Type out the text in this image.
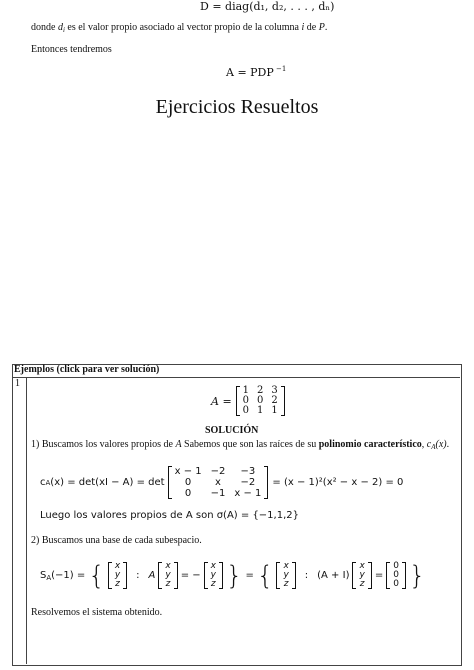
D = diag(d₁, d₂, . . . , dₙ)
donde $d_i$ es el valor propio asociado al vector propio de la columna i de P.
Entonces tendremos
A = PDP $^{-1}$
Ejercicios Resueltos
Ejemplos (click para ver solución)
1
A =
1 2 3
0 0 2
0 1 1
SOLUCIÓN
1) Buscamos los valores propios de A Sabemos que son las raíces de su polinomio característico, $c_A(x)$.
c A (x) = det(xI − A) = det
x − 1 −2 −3
0 x −2
0 −1 x − 1
= (x − 1)²(x² − x − 2) = 0
Luego los valores propios de A son σ(A) = {−1,1,2}
2) Buscamos una base de cada subespacio.
$S_A(-1)$ = { x
y
z
: A
x
y
z
= −
x
y
z } = { x
y
z
: (A + I)
x
y
z
=
0
0
0 }
Resolvemos el sistema obtenido.
